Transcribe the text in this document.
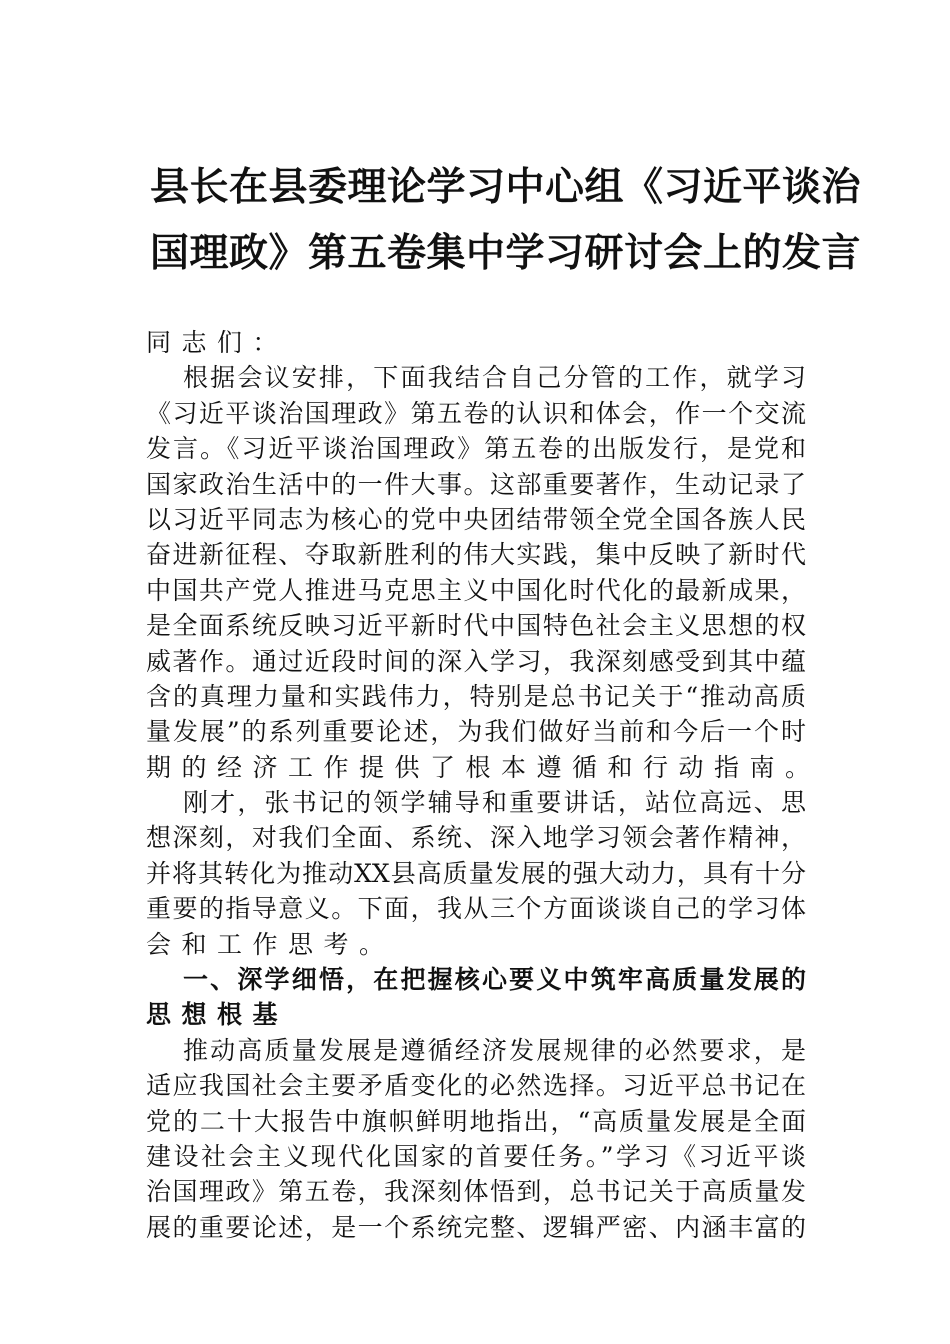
县长在县委理论学习中心组《习近平谈治
国理政》第五卷集中学习研讨会上的发言
同志们：
根据会议安排，下面我结合自己分管的工作，就学习
《习近平谈治国理政》第五卷的认识和体会，作一个交流
发言。《习近平谈治国理政》第五卷的出版发行，是党和
国家政治生活中的一件大事。这部重要著作，生动记录了
以习近平同志为核心的党中央团结带领全党全国各族人民
奋进新征程、夺取新胜利的伟大实践，集中反映了新时代
中国共产党人推进马克思主义中国化时代化的最新成果，
是全面系统反映习近平新时代中国特色社会主义思想的权
威著作。通过近段时间的深入学习，我深刻感受到其中蕴
含的真理力量和实践伟力，特别是总书记关于“推动高质
量发展”的系列重要论述，为我们做好当前和今后一个时
期的经济工作提供了根本遵循和行动指南。
刚才，张书记的领学辅导和重要讲话，站位高远、思
想深刻，对我们全面、系统、深入地学习领会著作精神，
并将其转化为推动XX县高质量发展的强大动力，具有十分
重要的指导意义。下面，我从三个方面谈谈自己的学习体
会和工作思考。
一、深学细悟，在把握核心要义中筑牢高质量发展的
思想根基
推动高质量发展是遵循经济发展规律的必然要求，是
适应我国社会主要矛盾变化的必然选择。习近平总书记在
党的二十大报告中旗帜鲜明地指出，“高质量发展是全面
建设社会主义现代化国家的首要任务。”学习《习近平谈
治国理政》第五卷，我深刻体悟到，总书记关于高质量发
展的重要论述，是一个系统完整、逻辑严密、内涵丰富的
